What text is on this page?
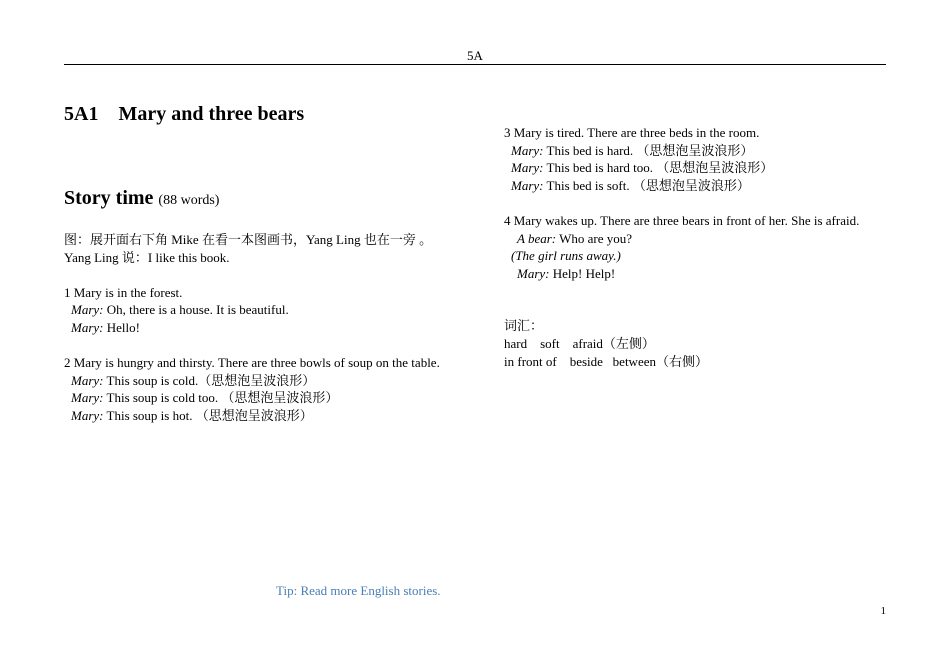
5A
5A1 Mary and three bears
Story time (88 words)
图：展开面右下角 Mike 在看一本图画书，Yang Ling 也在一旁 。
Yang Ling 说：I like this book.
1 Mary is in the forest.
Mary: Oh, there is a house. It is beautiful.
Mary: Hello!
2 Mary is hungry and thirsty. There are three bowls of soup on the table.
Mary: This soup is cold.（思想泡呈波浪形）
Mary: This soup is cold too. （思想泡呈波浪形）
Mary: This soup is hot. （思想泡呈波浪形）
3 Mary is tired. There are three beds in the room.
Mary: This bed is hard. （思想泡呈波浪形）
Mary: This bed is hard too. （思想泡呈波浪形）
Mary: This bed is soft. （思想泡呈波浪形）
4 Mary wakes up. There are three bears in front of her. She is afraid.
A bear: Who are you?
(The girl runs away.)
Mary: Help! Help!
词汇：
hard    soft    afraid（左侧）
in front of    beside   between（右侧）
Tip: Read more English stories.
1
